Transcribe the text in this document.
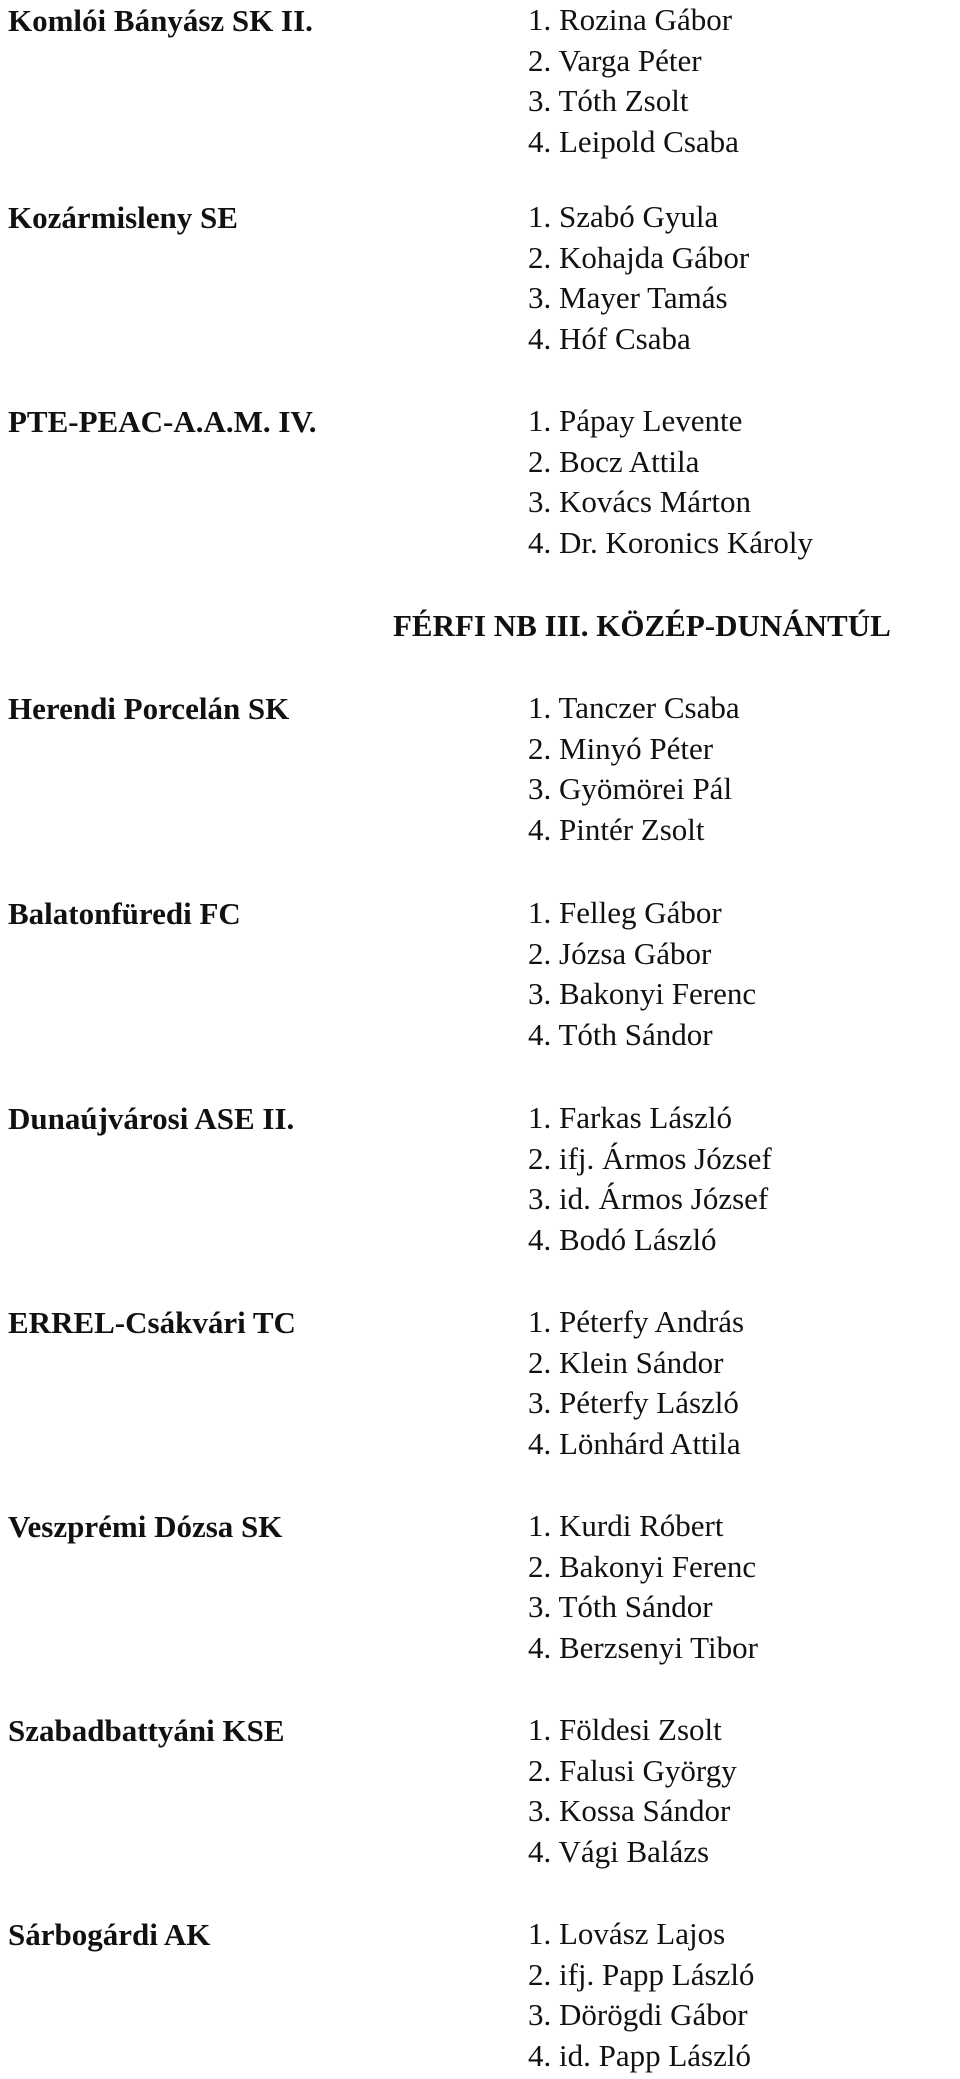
Komlói Bányász SK II.	1. Rozina Gábor
2. Varga Péter
3. Tóth Zsolt
4. Leipold Csaba
Kozármisleny SE	1. Szabó Gyula
2. Kohajda Gábor
3. Mayer Tamás
4. Hóf Csaba
PTE-PEAC-A.A.M. IV.	1. Pápay Levente
2. Bocz Attila
3. Kovács Márton
4. Dr. Koronics Károly
FÉRFI NB III. KÖZÉP-DUNÁNTÚL
Herendi Porcelán SK	1. Tanczer Csaba
2. Minyó Péter
3. Gyömörei Pál
4. Pintér Zsolt
Balatonfüredi FC	1. Felleg Gábor
2. Józsa Gábor
3. Bakonyi Ferenc
4. Tóth Sándor
Dunaújvárosi ASE II.	1. Farkas László
2. ifj. Ármos József
3. id. Ármos József
4. Bodó László
ERREL-Csákvári TC	1. Péterfy András
2. Klein Sándor
3. Péterfy László
4. Lönhárd Attila
Veszprémi Dózsa SK	1. Kurdi Róbert
2. Bakonyi Ferenc
3. Tóth Sándor
4. Berzsenyi Tibor
Szabadbattyáni KSE	1. Földesi Zsolt
2. Falusi György
3. Kossa Sándor
4. Vági Balázs
Sárbogárdi AK	1. Lovász Lajos
2. ifj. Papp László
3. Dörögdi Gábor
4. id. Papp László
